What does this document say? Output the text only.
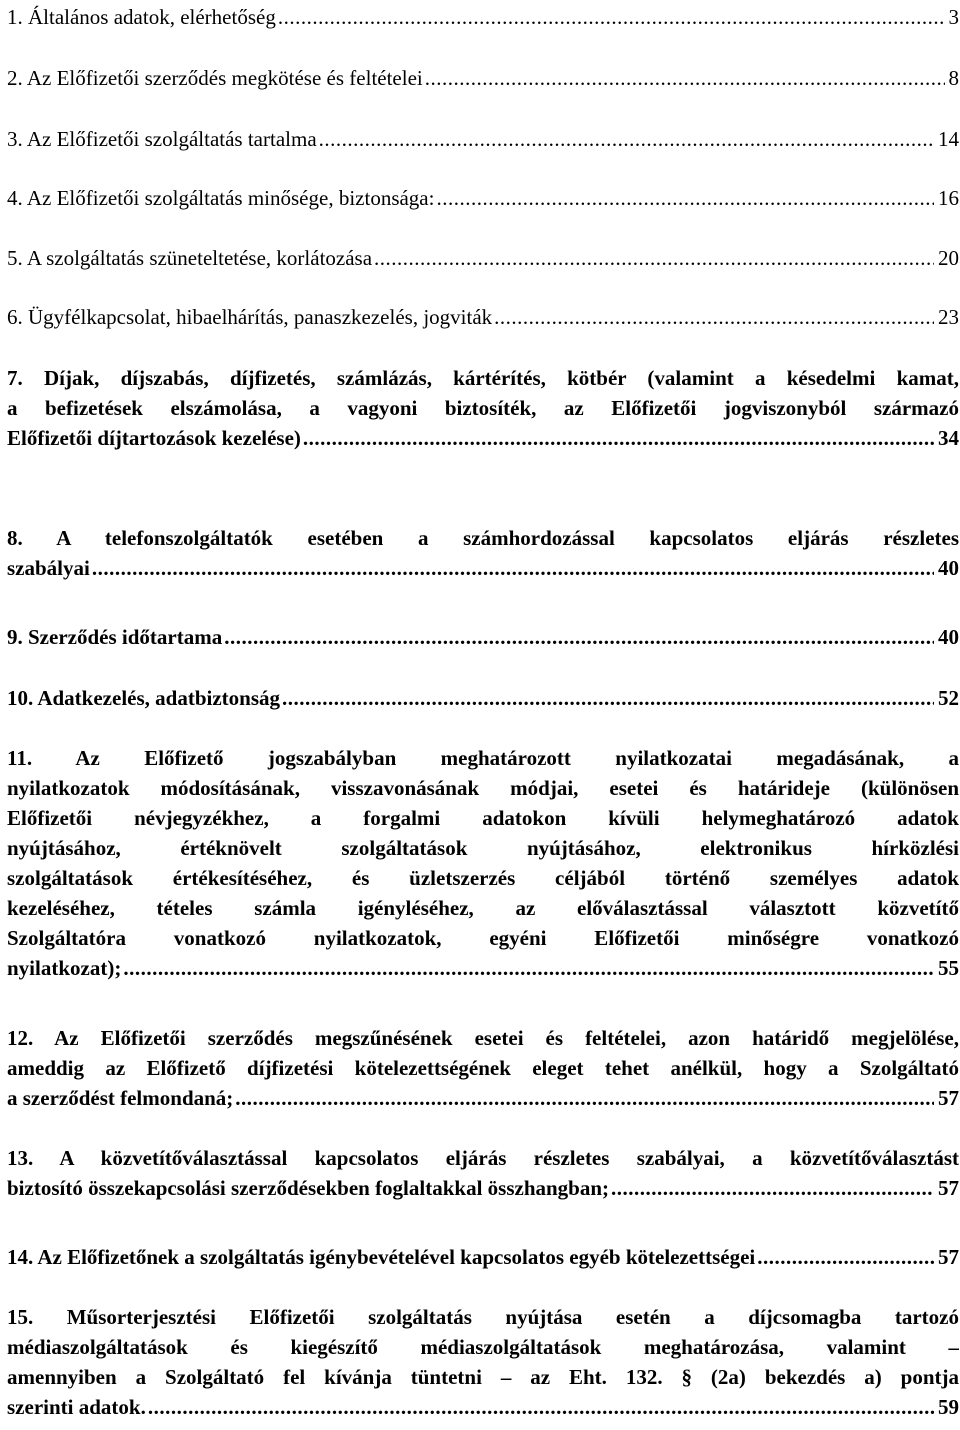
1. Általános adatok, elérhetőség .....	3
2. Az Előfizetői szerződés megkötése és feltételei .....	8
3. Az Előfizetői szolgáltatás tartalma .....	14
4. Az Előfizetői szolgáltatás minősége, biztonsága: .....	16
5. A szolgáltatás szüneteltetése, korlátozása .....	20
6. Ügyfélkapcsolat, hibaelhárítás, panaszkezelés, jogviták .....	23
7. Díjak, díjszabás, díjfizetés, számlázás, kártérítés, kötbér (valamint a késedelmi kamat,
a befizetések elszámolása, a vagyoni biztosíték, az Előfizetői jogviszonyból származó
Előfizetői díjtartozások kezelése) .....	34
8. A telefonszolgáltatók esetében a számhordozással kapcsolatos eljárás részletes
szabályai .....	40
9. Szerződés időtartama .....	40
10. Adatkezelés, adatbiztonság .....	52
11. Az Előfizető jogszabályban meghatározott nyilatkozatai megadásának, a
nyilatkozatok módosításának, visszavonásának módjai, esetei és határideje (különösen
Előfizetői névjegyzékhez, a forgalmi adatokon kívüli helymeghatározó adatok
nyújtásához, értéknövelt szolgáltatások nyújtásához, elektronikus hírközlési
szolgáltatások értékesítéséhez, és üzletszerzés céljából történő személyes adatok
kezeléséhez, tételes számla igényléséhez, az előválasztással választott közvetítő
Szolgáltatóra vonatkozó nyilatkozatok, egyéni Előfizetői minőségre vonatkozó
nyilatkozat); .....	55
12. Az Előfizetői szerződés megszűnésének esetei és feltételei, azon határidő megjelölése,
ameddig az Előfizető díjfizetési kötelezettségének eleget tehet anélkül, hogy a Szolgáltató
a szerződést felmondaná; .....	57
13. A közvetítőválasztással kapcsolatos eljárás részletes szabályai, a közvetítőválasztást
biztosító összekapcsolási szerződésekben foglaltakkal összhangban; .....	57
14. Az Előfizetőnek a szolgáltatás igénybevételével kapcsolatos egyéb kötelezettségei .....	57
15. Műsorterjesztési Előfizetői szolgáltatás nyújtása esetén a díjcsomagba tartozó
médiaszolgáltatások és kiegészítő médiaszolgáltatások meghatározása, valamint –
amennyiben a Szolgáltató fel kívánja tüntetni – az Eht. 132. § (2a) bekezdés a) pontja
szerinti adatok. .....	59
